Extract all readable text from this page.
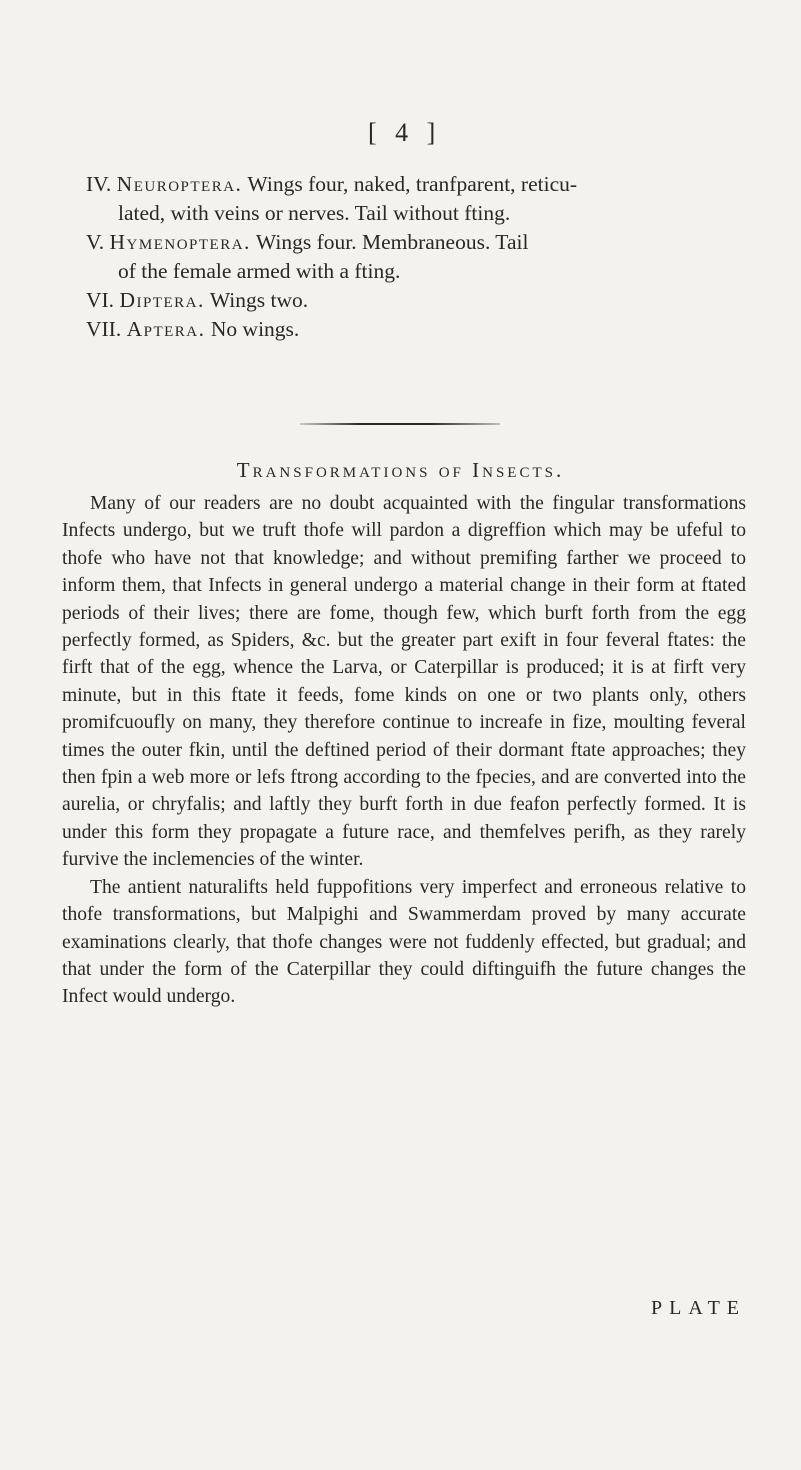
[ 4 ]
IV. Neuroptera. Wings four, naked, tranfparent, reticu-
lated, with veins or nerves. Tail without fting.
V. Hymenoptera. Wings four. Membraneous. Tail
of the female armed with a fting.
VI. Diptera. Wings two.
VII. Aptera. No wings.
Transformations of Insects.

Many of our readers are no doubt acquainted with the fingular transformations Infects undergo, but we truft thofe will pardon a digreffion which may be ufeful to thofe who have not that knowledge; and without premifing farther we proceed to inform them, that Infects in general undergo a material change in their form at ftated periods of their lives; there are fome, though few, which burft forth from the egg perfectly formed, as Spiders, &c. but the greater part exift in four feveral ftates: the firft that of the egg, whence the Larva, or Caterpillar is produced; it is at firft very minute, but in this ftate it feeds, fome kinds on one or two plants only, others promifcuoufly on many, they therefore continue to increafe in fize, moulting feveral times the outer fkin, until the deftined period of their dormant ftate approaches; they then fpin a web more or lefs ftrong according to the fpecies, and are converted into the aurelia, or chryfalis; and laftly they burft forth in due feafon perfectly formed. It is under this form they propagate a future race, and themfelves perifh, as they rarely furvive the inclemencies of the winter.

The antient naturalifts held fuppofitions very imperfect and erroneous relative to thofe transformations, but Malpighi and Swammerdam proved by many accurate examinations clearly, that thofe changes were not fuddenly effected, but gradual; and that under the form of the Caterpillar they could diftinguifh the future changes the Infect would undergo.

PLATE
